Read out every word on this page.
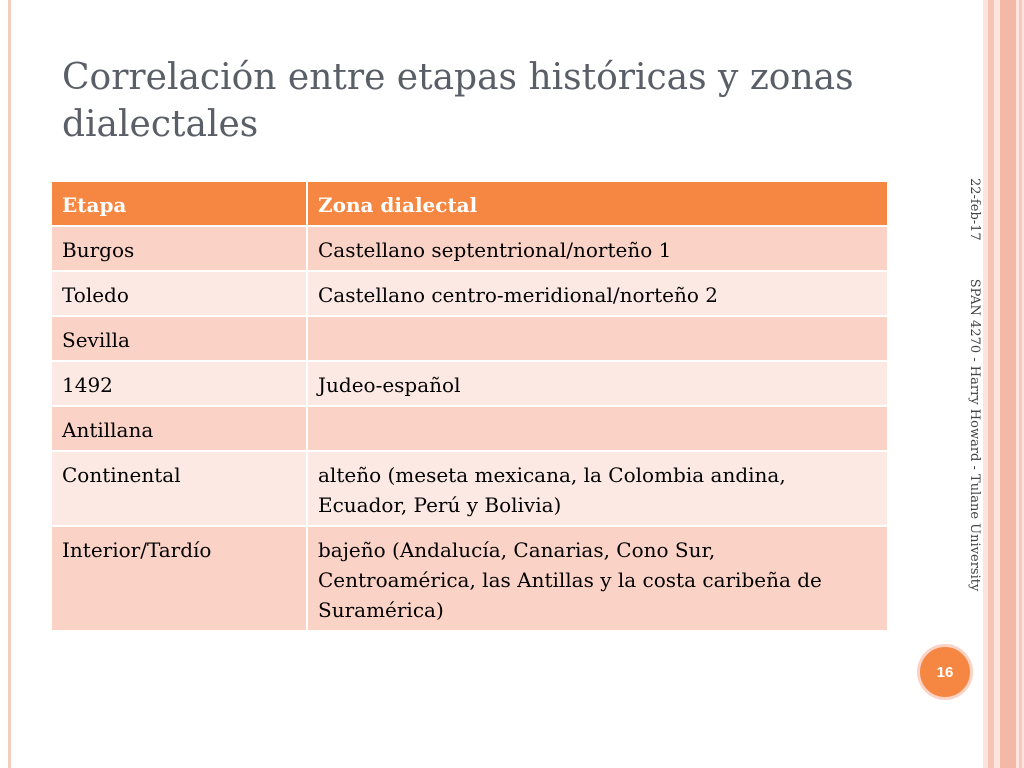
Correlación entre etapas históricas y zonas dialectales
Etapa	Zona dialectal
Burgos	Castellano septentrional/norteño 1
Toledo	Castellano centro-meridional/norteño 2
Sevilla	
1492	Judeo-español
Antillana	
Continental	alteño (meseta mexicana, la Colombia andina, Ecuador, Perú y Bolivia)
Interior/Tardío	bajeño (Andalucía, Canarias, Cono Sur, Centroamérica, las Antillas y la costa caribeña de Suramérica)
22-feb-17SPAN 4270 - Harry Howard - Tulane University
16
